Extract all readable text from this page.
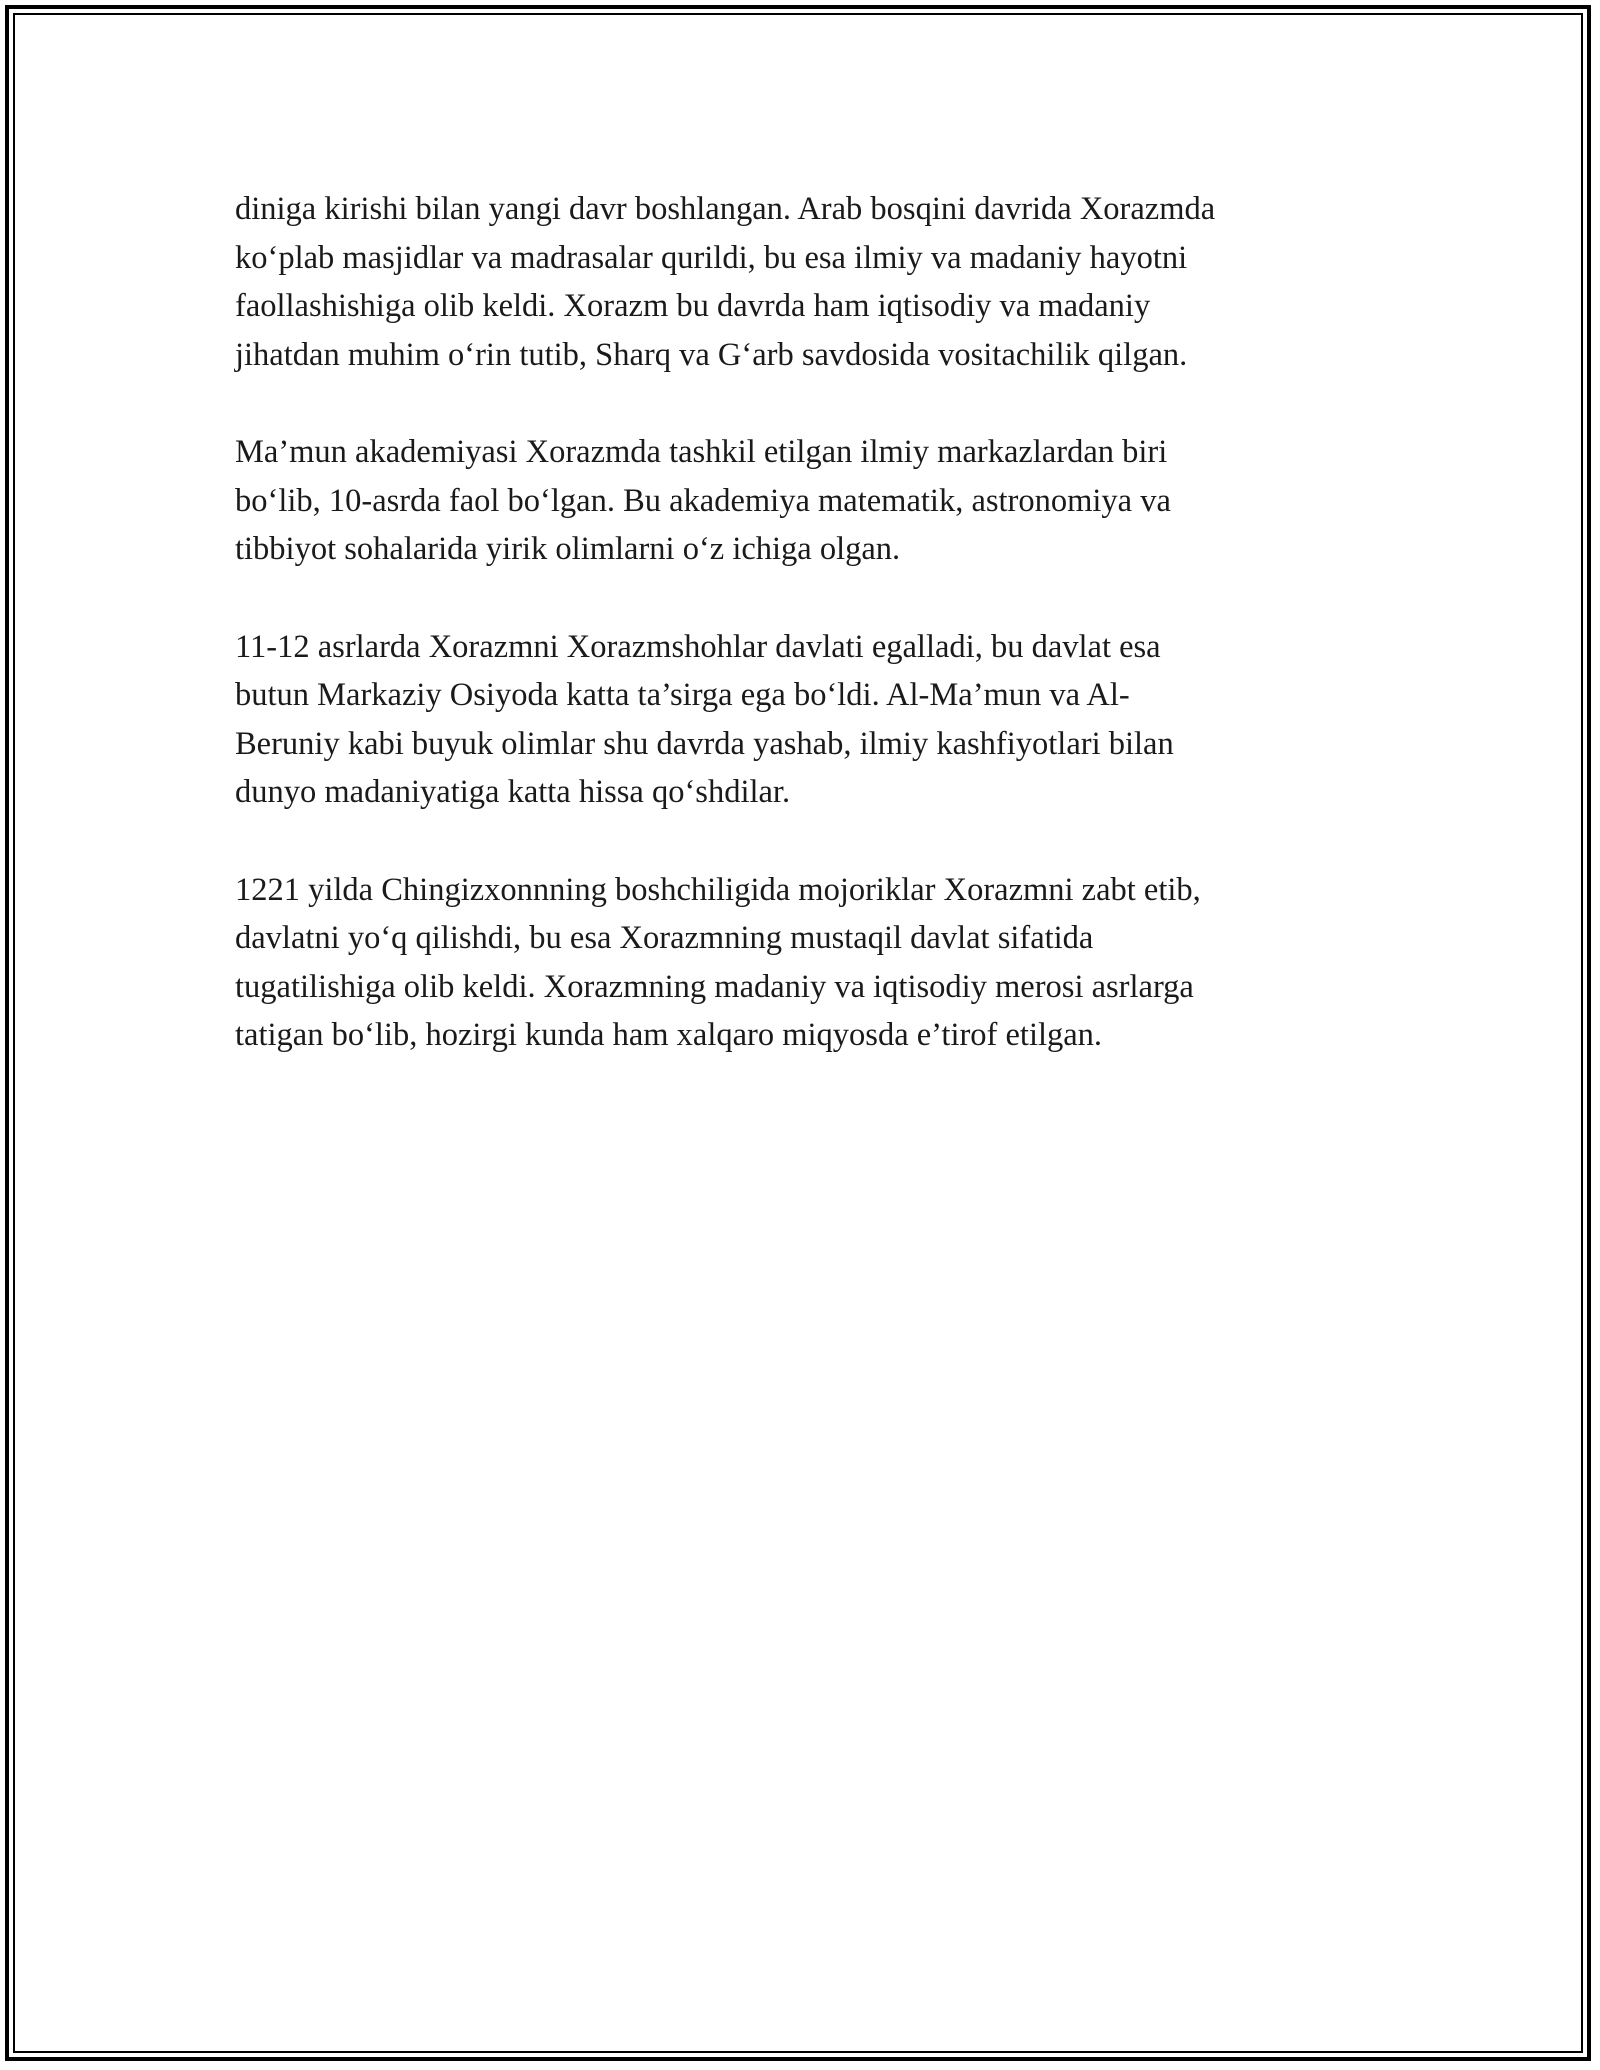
diniga kirishi bilan yangi davr boshlangan. Arab bosqini davrida Xorazmda
ko‘plab masjidlar va madrasalar qurildi, bu esa ilmiy va madaniy hayotni
faollashishiga olib keldi. Xorazm bu davrda ham iqtisodiy va madaniy
jihatdan muhim o‘rin tutib, Sharq va G‘arb savdosida vositachilik qilgan.

Ma’mun akademiyasi Xorazmda tashkil etilgan ilmiy markazlardan biri
bo‘lib, 10-asrda faol bo‘lgan. Bu akademiya matematik, astronomiya va
tibbiyot sohalarida yirik olimlarni o‘z ichiga olgan.

11-12 asrlarda Xorazmni Xorazmshohlar davlati egalladi, bu davlat esa
butun Markaziy Osiyoda katta ta’sirga ega bo‘ldi. Al-Ma’mun va Al-
Beruniy kabi buyuk olimlar shu davrda yashab, ilmiy kashfiyotlari bilan
dunyo madaniyatiga katta hissa qo‘shdilar.

1221 yilda Chingizxonnning boshchiligida mojoriklar Xorazmni zabt etib,
davlatni yo‘q qilishdi, bu esa Xorazmning mustaqil davlat sifatida
tugatilishiga olib keldi. Xorazmning madaniy va iqtisodiy merosi asrlarga
tatigan bo‘lib, hozirgi kunda ham xalqaro miqyosda e’tirof etilgan.
